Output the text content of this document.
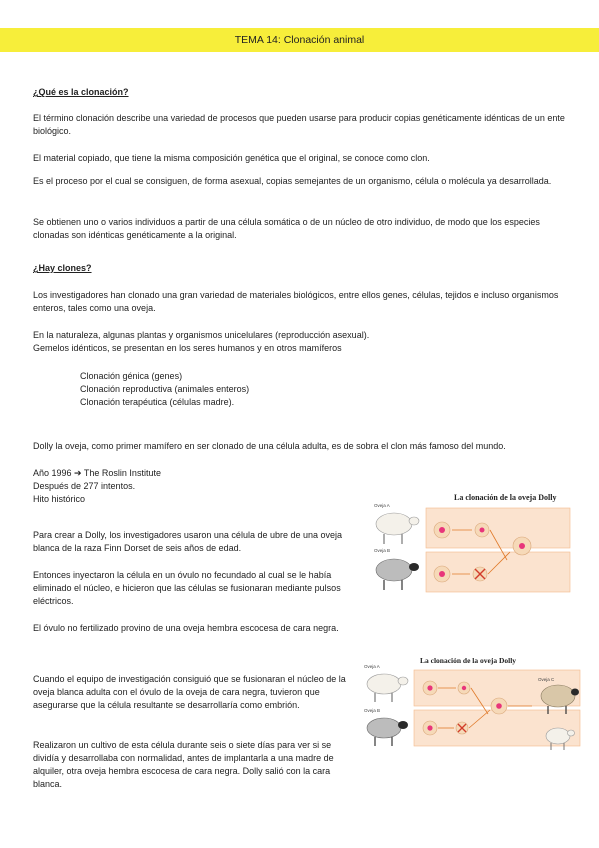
TEMA 14: Clonación animal

¿Qué es la clonación?

El término clonación describe una variedad de procesos que pueden usarse para producir copias genéticamente idénticas de un ente biológico.

El material copiado, que tiene la misma composición genética que el original, se conoce como clon.

Es el proceso por el cual se consiguen, de forma asexual, copias semejantes de un organismo, célula o molécula ya desarrollada.

Se obtienen uno o varios individuos a partir de una célula somática o de un núcleo de otro individuo, de modo que los especies clonadas son idénticas genéticamente a la original.

¿Hay clones?

Los investigadores han clonado una gran variedad de materiales biológicos, entre ellos genes, células, tejidos e incluso organismos enteros, tales como una oveja.

En la naturaleza, algunas plantas y organismos unicelulares (reproducción asexual).

Gemelos idénticos, se presentan en los seres humanos y en otros mamíferos

Clonación génica (genes)

Clonación reproductiva (animales enteros)

Clonación terapéutica (células madre).

Dolly la oveja, como primer mamífero en ser clonado de una célula adulta, es de sobra el clon más famoso del mundo.

Año 1996 ➔ The Roslin Institute

Después de 277 intentos.

Hito histórico

Para crear a Dolly, los investigadores usaron una célula de ubre de una oveja blanca de la raza Finn Dorset de seis años de edad.

Entonces inyectaron la célula en un óvulo no fecundado al cual se le había eliminado el núcleo, e hicieron que las células se fusionaran mediante pulsos eléctricos.

El óvulo no fertilizado provino de una oveja hembra escocesa de cara negra.

Cuando el equipo de investigación consiguió que se fusionaran el núcleo de la oveja blanca adulta con el óvulo de la oveja de cara negra, tuvieron que asegurarse que la célula resultante se desarrollaría como embrión.

Realizaron un cultivo de esta célula durante seis o siete días para ver si se dividía y desarrollaba con normalidad, antes de implantarla a una madre de alquiler, otra oveja hembra escocesa de cara negra. Dolly salió con la cara blanca.

La clonación de la oveja Dolly
Oveja A
Oveja B
La clonación de la oveja Dolly
Oveja A
Oveja B
Oveja C
